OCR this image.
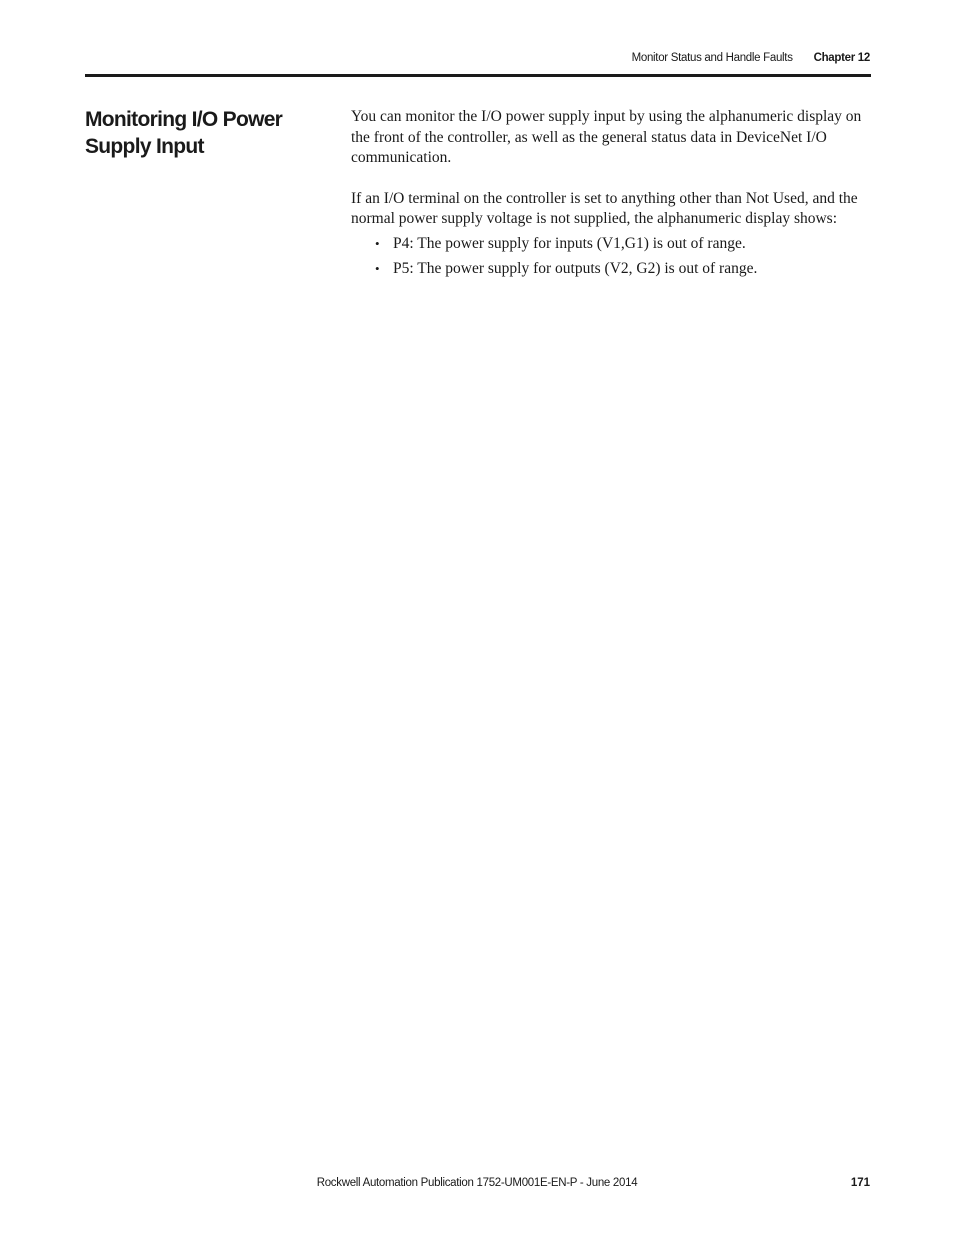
Monitor Status and Handle Faults Chapter 12
Monitoring I/O Power Supply Input

You can monitor the I/O power supply input by using the alphanumeric display on the front of the controller, as well as the general status data in DeviceNet I/O communication.

If an I/O terminal on the controller is set to anything other than Not Used, and the normal power supply voltage is not supplied, the alphanumeric display shows:

• P4: The power supply for inputs (V1,G1) is out of range.
• P5: The power supply for outputs (V2, G2) is out of range.
Rockwell Automation Publication 1752-UM001E-EN-P - June 2014	171
